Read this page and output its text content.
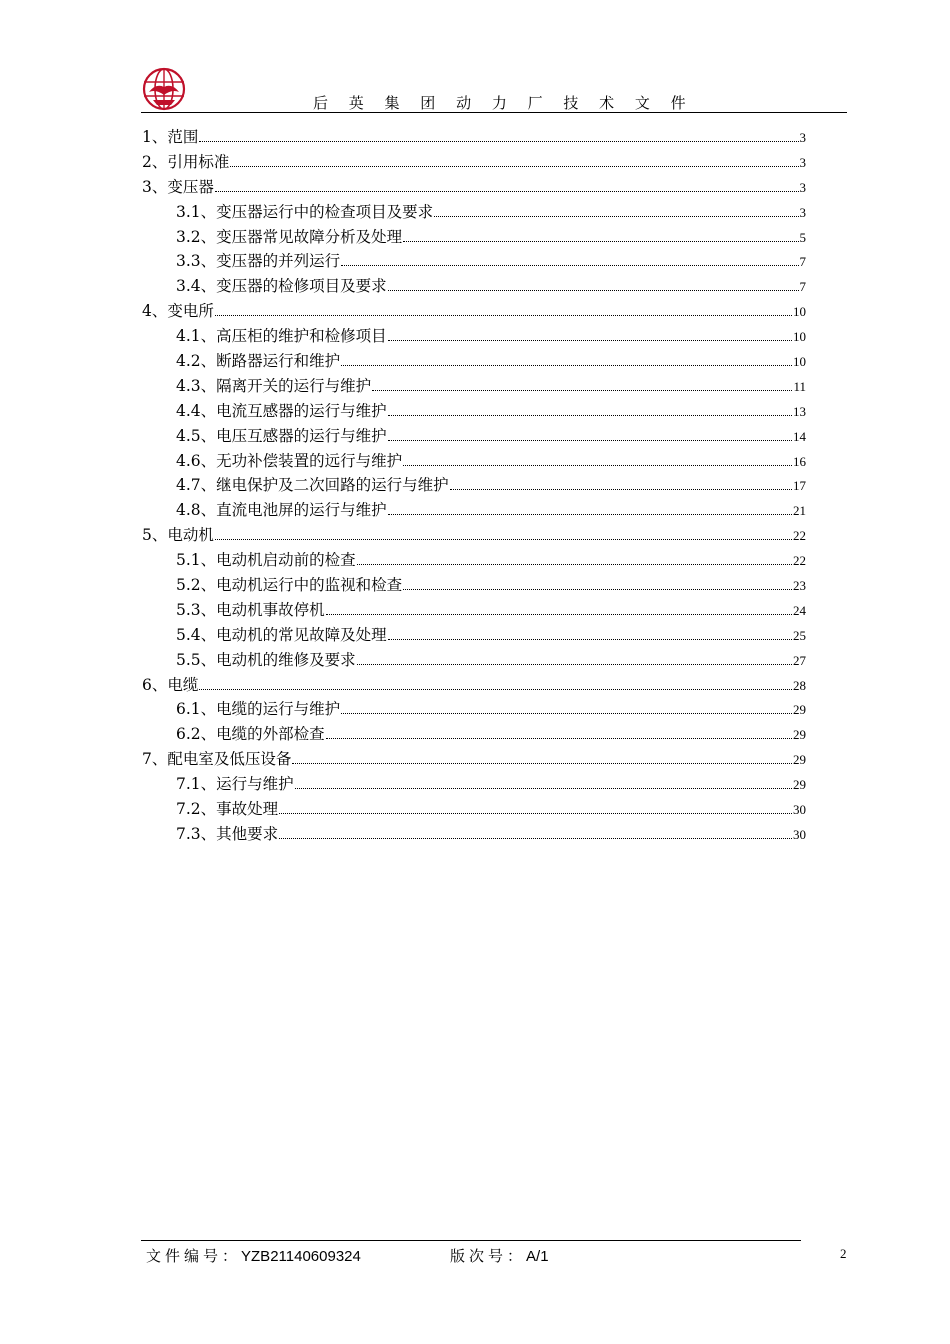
后 英 集 团 动 力 厂 技 术 文 件
1、范围	3
2、引用标准	3
3、变压器	3
3.1、变压器运行中的检查项目及要求	3
3.2、变压器常见故障分析及处理	5
3.3、变压器的并列运行	7
3.4、变压器的检修项目及要求	7
4、变电所	10
4.1、高压柜的维护和检修项目	10
4.2、断路器运行和维护	10
4.3、隔离开关的运行与维护	11
4.4、电流互感器的运行与维护	13
4.5、电压互感器的运行与维护	14
4.6、无功补偿装置的远行与维护	16
4.7、继电保护及二次回路的运行与维护	17
4.8、直流电池屏的运行与维护	21
5、电动机	22
5.1、电动机启动前的检查	22
5.2、电动机运行中的监视和检查	23
5.3、电动机事故停机	24
5.4、电动机的常见故障及处理	25
5.5、电动机的维修及要求	27
6、电缆	28
6.1、电缆的运行与维护	29
6.2、电缆的外部检查	29
7、配电室及低压设备	29
7.1、运行与维护	29
7.2、事故处理	30
7.3、其他要求	30
文件编号：YZB21140609324	版次号：A/1	2
